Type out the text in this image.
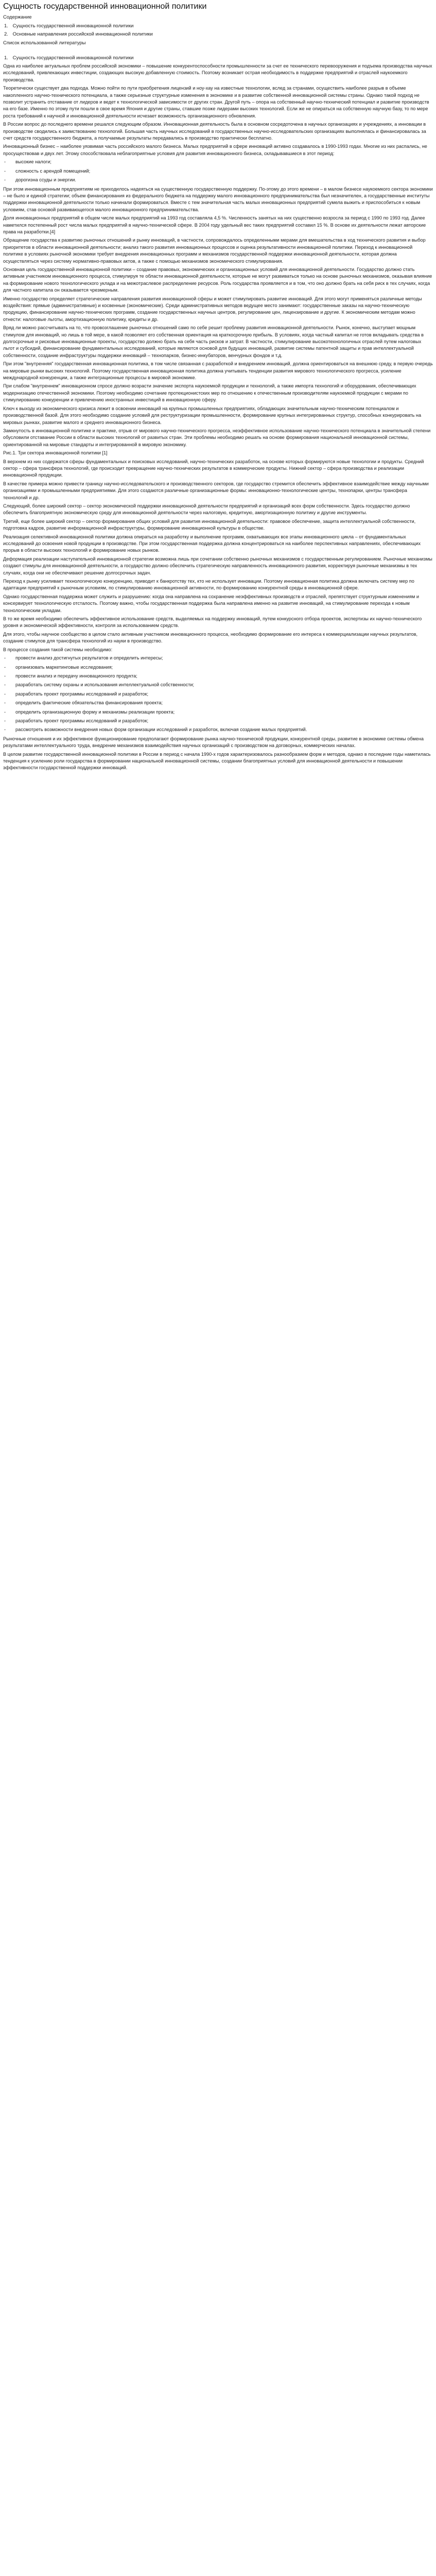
Сущность государственной инновационной политики
Содержание
1. Сущность государственной инновационной политики
2. Основные направления российской инновационной политики
Список использованной литературы
1. Сущность государственной инновационной политики

Одна из наиболее актуальных проблем российской экономики – повышение конкурентоспособности промышленности за счет ее технического перевооружения и подъема производства научных исследований, привлекающих инвестиции, создающих высокую добавленную стоимость. Поэтому возникает острая необходимость в поддержке предприятий и отраслей наукоемкого производства.

Теоретически существует два подхода. Можно пойти по пути приобретения лицензий и ноу-хау на известные технологии, вслед за странами, осуществить наиболее разрыв в объеме накопленного научно-технического потенциала, а также серьезные структурные изменения в экономике и в развитие собственной инновационной системы страны. Однако такой подход не позволит устранить отставание от лидеров и ведет к технологической зависимости от других стран. Другой путь – опора на собственный научно-технический потенциал и развитие производств на его базе. Именно по этому пути пошли в свое время Япония и другие страны, ставшие позже лидерами высоких технологий. Если же не опираться на собственную научную базу, то по мере роста требований к научной и инновационной деятельности исчезает возможность организационного обновления.

В России вопрос до последнего времени решался следующим образом. Инновационная деятельность была в основном сосредоточена в научных организациях и учреждениях, а инновации в производстве сводились к заимствованию технологий. Большая часть научных исследований в государственных научно-исследовательских организациях выполнялась и финансировалась за счет средств государственного бюджета, а получаемые результаты передавались в производство практически бесплатно.

Инновационный бизнес – наиболее уязвимая часть российского малого бизнеса. Малых предприятий в сфере инноваций активно создавалось в 1990-1993 годах. Многие из них распались, не просуществовав и двух лет. Этому способствовала неблагоприятные условия для развития инновационного бизнеса, складывавшиеся в этот период:

- высокие налоги;
- сложность с арендой помещений;
- дорогизна ссуды и энергии.

При этом инновационным предприятиям не приходилось надеяться на существенную государственную поддержку. По-этому до этого времени – в малом бизнесе наукоемкого сектора экономики – не было и единой стратегии; объем финансирования из федерального бюджета на поддержку малого инновационного предпринимательства был незначителен, а государственные институты поддержки инновационной деятельности только начинали формироваться. Вместе с тем значительная часть малых инновационных предприятий сумела выжить и приспособиться к новым условиям, став основой развивающегося малого инновационного предпринимательства.

Доля инновационных предприятий в общем числе малых предприятий на 1993 год составляла 4,5 %. Численность занятых на них существенно возросла за период с 1990 по 1993 год. Далее наметился постепенный рост числа малых предприятий в научно-технической сфере. В 2004 году удельный вес таких предприятий составил 15 %. В основе их деятельности лежат авторские права на разработки.[4]

Обращение государства к развитию рыночных отношений и рынку инноваций, в частности, сопровождалось определенными мерами для вмешательства в ход технического развития и выбор приоритетов в области инновационной деятельности; анализ такого развития инновационных процессов и оценка результативности инновационной политики. Переход к инновационной политике в условиях рыночной экономики требует внедрения инновационных программ и механизмов государственной поддержки инновационной деятельности, которая должна осуществляться через систему нормативно-правовых актов, а также с помощью механизмов экономического стимулирования.

Основная цель государственной инновационной политики – создание правовых, экономических и организационных условий для инновационной деятельности. Государство должно стать активным участником инновационного процесса, стимулируя те области инновационной деятельности, которые не могут развиваться только на основе рыночных механизмов, оказывая влияние на формирование нового технологического уклада и на межотраслевое распределение ресурсов. Роль государства проявляется и в том, что оно должно брать на себя риск в тех случаях, когда для частного капитала он оказывается чрезмерным.

Именно государство определяет стратегические направления развития инновационной сферы и может стимулировать развитие инноваций. Для этого могут применяться различные методы воздействия: прямые (административные) и косвенные (экономические). Среди административных методов ведущее место занимают: государственные заказы на научно-техническую продукцию, финансирование научно-технических программ, создание государственных научных центров, регулирование цен, лицензирование и другие. К экономическим методам можно отнести: налоговые льготы, амортизационную политику, кредиты и др.

Вряд ли можно рассчитывать на то, что провозглашение рыночных отношений само по себе решит проблему развития инновационной деятельности. Рынок, конечно, выступает мощным стимулом для инноваций, но лишь в той мере, в какой позволяет его собственная ориентация на краткосрочную прибыль. В условиях, когда частный капитал не готов вкладывать средства в долгосрочные и рисковые инновационные проекты, государство должно брать на себя часть рисков и затрат. В частности, стимулирование высокотехнологичных отраслей путем налоговых льгот и субсидий, финансирование фундаментальных исследований, которые являются основой для будущих инноваций, развитие системы патентной защиты и прав интеллектуальной собственности, создание инфраструктуры поддержки инноваций – технопарков, бизнес-инкубаторов, венчурных фондов и т.д.

При этом "внутренняя" государственная инновационная политика, в том числе связанная с разработкой и внедрением инноваций, должна ориентироваться на внешнюю среду, в первую очередь на мировые рынки высоких технологий. Поэтому государственная инновационная политика должна учитывать тенденции развития мирового технологического прогресса, усиление международной конкуренции, а также интеграционные процессы в мировой экономике.

При слабом "внутреннем" инновационном спросе должно возрасти значение экспорта наукоемкой продукции и технологий, а также импорта технологий и оборудования, обеспечивающих модернизацию отечественной экономики. Поэтому необходимо сочетание протекционистских мер по отношению к отечественным производителям наукоемкой продукции с мерами по стимулированию конкуренции и привлечению иностранных инвестиций в инновационную сферу.

Ключ к выходу из экономического кризиса лежит в освоении инноваций на крупных промышленных предприятиях, обладающих значительным научно-техническим потенциалом и производственной базой. Для этого необходимо создание условий для реструктуризации промышленности, формирование крупных интегрированных структур, способных конкурировать на мировых рынках, развитие малого и среднего инновационного бизнеса.

Замкнутость в инновационной политике и практике, отрыв от мирового научно-технического прогресса, неэффективное использование научно-технического потенциала в значительной степени обусловили отставание России в области высоких технологий от развитых стран. Эти проблемы необходимо решать на основе формирования национальной инновационной системы, ориентированной на мировые стандарты и интегрированной в мировую экономику.

Рис.1. Три сектора инновационной политики [1]

В верхнем из них содержатся сферы фундаментальных и поисковых исследований, научно-технических разработок, на основе которых формируются новые технологии и продукты. Средний сектор – сфера трансфера технологий, где происходит превращение научно-технических результатов в коммерческие продукты. Нижний сектор – сфера производства и реализации инновационной продукции.

В качестве примера можно привести границу научно-исследовательского и производственного секторов, где государство стремится обеспечить эффективное взаимодействие между научными организациями и промышленными предприятиями. Для этого создаются различные организационные формы: инновационно-технологические центры, технопарки, центры трансфера технологий и др.

Следующий, более широкий сектор – сектор экономической поддержки инновационной деятельности предприятий и организаций всех форм собственности. Здесь государство должно обеспечить благоприятную экономическую среду для инновационной деятельности через налоговую, кредитную, амортизационную политику и другие инструменты.

Третий, еще более широкий сектор – сектор формирования общих условий для развития инновационной деятельности: правовое обеспечение, защита интеллектуальной собственности, подготовка кадров, развитие информационной инфраструктуры, формирование инновационной культуры в обществе.

Реализация селективной инновационной политики должна опираться на разработку и выполнение программ, охватывающих все этапы инновационного цикла – от фундаментальных исследований до освоения новой продукции в производстве. При этом государственная поддержка должна концентрироваться на наиболее перспективных направлениях, обеспечивающих прорыв в области высоких технологий и формирование новых рынков.

Деформация реализации наступательной инновационной стратегии возможна лишь при сочетании собственно рыночных механизмов с государственным регулированием. Рыночные механизмы создают стимулы для инновационной деятельности, а государство должно обеспечить стратегическую направленность инновационного развития, корректируя рыночные механизмы в тех случаях, когда они не обеспечивают решение долгосрочных задач.

Переход к рынку усиливает технологическую конкуренцию, приводит к банкротству тех, кто не использует инновации. Поэтому инновационная политика должна включать систему мер по адаптации предприятий к рыночным условиям, по стимулированию инновационной активности, по формированию конкурентной среды в инновационной сфере.

Однако государственная поддержка может служить и разрушению: когда она направлена на сохранение неэффективных производств и отраслей, препятствует структурным изменениям и консервирует технологическую отсталость. Поэтому важно, чтобы государственная поддержка была направлена именно на развитие инноваций, на стимулирование перехода к новым технологическим укладам.

В то же время необходимо обеспечить эффективное использование средств, выделяемых на поддержку инноваций, путем конкурсного отбора проектов, экспертизы их научно-технического уровня и экономической эффективности, контроля за использованием средств.

Для этого, чтобы научное сообщество в целом стало активным участником инновационного процесса, необходимо формирование его интереса к коммерциализации научных результатов, создание стимулов для трансфера технологий из науки в производство.

В процессе создания такой системы необходимо:

- провести анализ достигнутых результатов и определить интересы;
- организовать маркетинговые исследования;
- провести анализ и передачу инновационного продукта;
- разработать систему охраны и использования интеллектуальной собственности;
- разработать проект программы исследований и разработок;
- определить фактические обязательства финансирования проекта;
- определить организационную форму и механизмы реализации проекта;
- разработать проект программы исследований и разработок;
- рассмотреть возможности внедрения новых форм организации исследований и разработок, включая создание малых предприятий.

Рыночные отношения и их эффективное функционирование предполагают формирование рынка научно-технической продукции, конкурентной среды, развитие в экономике системы обмена результатами интеллектуального труда, внедрение механизмов взаимодействия научных организаций с производством на договорных, коммерческих началах.

В целом развитие государственной инновационной политики в России в период с начала 1990-х годов характеризовалось разнообразием форм и методов, однако в последние годы наметилась тенденция к усилению роли государства в формировании национальной инновационной системы, создании благоприятных условий для инновационной деятельности и повышении эффективности государственной поддержки инноваций.
